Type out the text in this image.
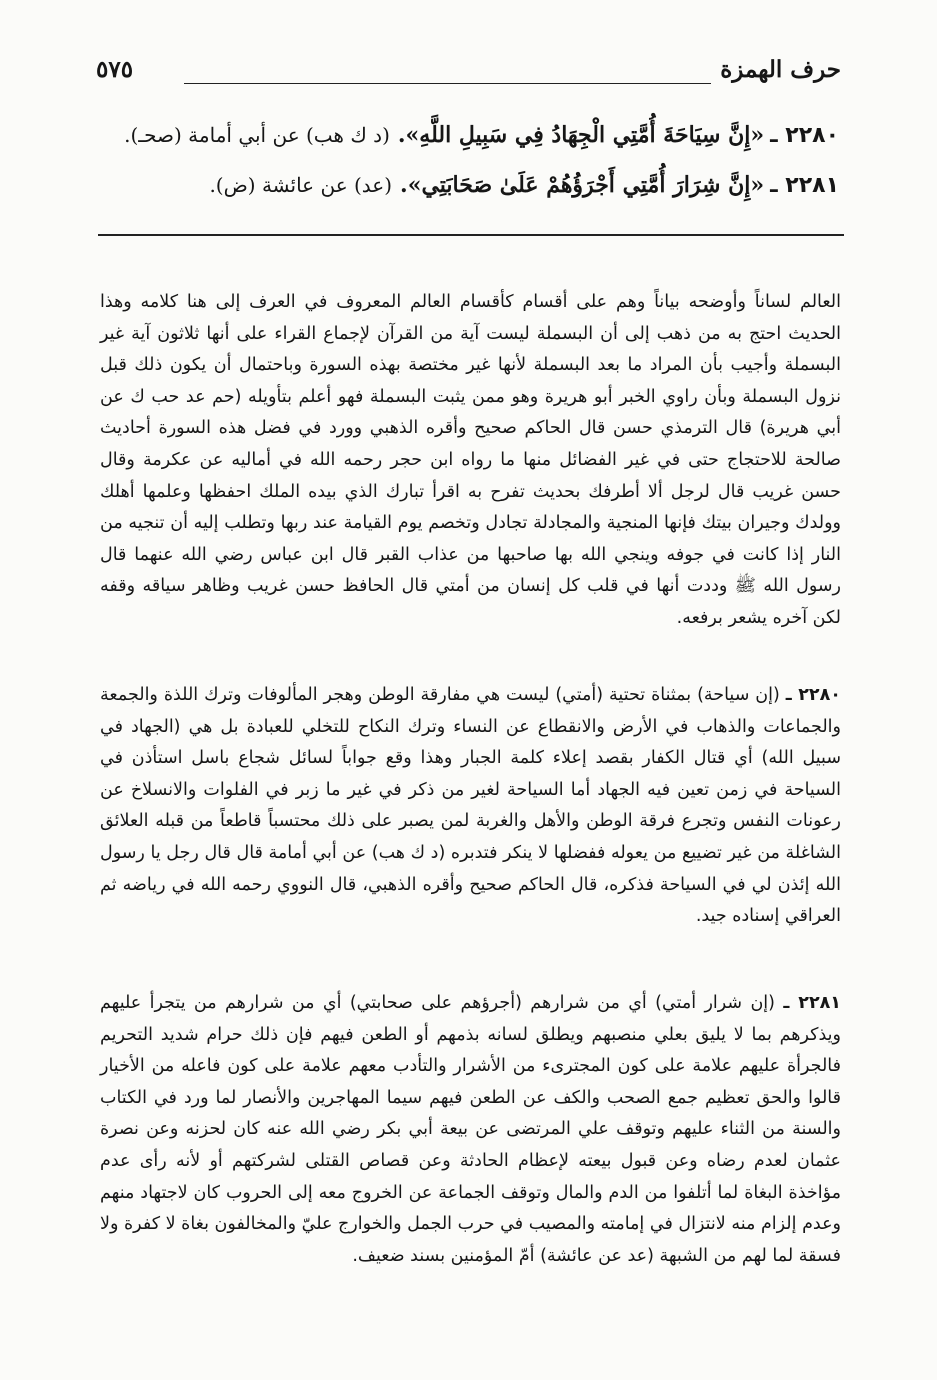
حرف الهمزة
٥٧٥
٢٢٨٠ ـ«إِنَّ سِيَاحَةَ أُمَّتِي الْجِهَادُ فِي سَبِيلِ اللَّهِ».(د ك هب) عن أبي أمامة (صحـ).
٢٢٨١ ـ«إِنَّ شِرَارَ أُمَّتِي أَجْرَؤُهُمْ عَلَىٰ صَحَابَتِي».(عد) عن عائشة (ض).

العالم لساناً وأوضحه بياناً وهم على أقسام كأقسام العالم المعروف في العرف إلى هنا كلامه وهذا الحديث احتج به من ذهب إلى أن البسملة ليست آية من القرآن لإجماع القراء على أنها ثلاثون آية غير البسملة وأجيب بأن المراد ما بعد البسملة لأنها غير مختصة بهذه السورة وباحتمال أن يكون ذلك قبل نزول البسملة وبأن راوي الخبر أبو هريرة وهو ممن يثبت البسملة فهو أعلم بتأويله (حم عد حب ك عن أبي هريرة) قال الترمذي حسن قال الحاكم صحيح وأقره الذهبي وورد في فضل هذه السورة أحاديث صالحة للاحتجاج حتى في غير الفضائل منها ما رواه ابن حجر رحمه الله في أماليه عن عكرمة وقال حسن غريب قال لرجل ألا أطرفك بحديث تفرح به اقرأ تبارك الذي بيده الملك احفظها وعلمها أهلك وولدك وجيران بيتك فإنها المنجية والمجادلة تجادل وتخصم يوم القيامة عند ربها وتطلب إليه أن تنجيه من النار إذا كانت في جوفه وينجي الله بها صاحبها من عذاب القبر قال ابن عباس رضي الله عنهما قال رسول الله ﷺ وددت أنها في قلب كل إنسان من أمتي قال الحافظ حسن غريب وظاهر سياقه وقفه لكن آخره يشعر برفعه.

٢٢٨٠ ـ (إن سياحة) بمثناة تحتية (أمتي) ليست هي مفارقة الوطن وهجر المألوفات وترك اللذة والجمعة والجماعات والذهاب في الأرض والانقطاع عن النساء وترك النكاح للتخلي للعبادة بل هي (الجهاد في سبيل الله) أي قتال الكفار بقصد إعلاء كلمة الجبار وهذا وقع جواباً لسائل شجاع باسل استأذن في السياحة في زمن تعين فيه الجهاد أما السياحة لغير من ذكر في غير ما زبر في الفلوات والانسلاخ عن رعونات النفس وتجرع فرقة الوطن والأهل والغربة لمن يصبر على ذلك محتسباً قاطعاً من قبله العلائق الشاغلة من غير تضييع من يعوله ففضلها لا ينكر فتدبره (د ك هب) عن أبي أمامة قال قال رجل يا رسول الله إئذن لي في السياحة فذكره، قال الحاكم صحيح وأقره الذهبي، قال النووي رحمه الله في رياضه ثم العراقي إسناده جيد.

٢٢٨١ ـ (إن شرار أمتي) أي من شرارهم (أجرؤهم على صحابتي) أي من شرارهم من يتجرأ عليهم ويذكرهم بما لا يليق بعلي منصبهم ويطلق لسانه بذمهم أو الطعن فيهم فإن ذلك حرام شديد التحريم فالجرأة عليهم علامة على كون المجترىء من الأشرار والتأدب معهم علامة على كون فاعله من الأخيار قالوا والحق تعظيم جمع الصحب والكف عن الطعن فيهم سيما المهاجرين والأنصار لما ورد في الكتاب والسنة من الثناء عليهم وتوقف علي المرتضى عن بيعة أبي بكر رضي الله عنه كان لحزنه وعن نصرة عثمان لعدم رضاه وعن قبول بيعته لإعظام الحادثة وعن قصاص القتلى لشركتهم أو لأنه رأى عدم مؤاخذة البغاة لما أتلفوا من الدم والمال وتوقف الجماعة عن الخروج معه إلى الحروب كان لاجتهاد منهم وعدم إلزام منه لانتزال في إمامته والمصيب في حرب الجمل والخوارج عليّ والمخالفون بغاة لا كفرة ولا فسقة لما لهم من الشبهة (عد عن عائشة) أمّ المؤمنين بسند ضعيف.
